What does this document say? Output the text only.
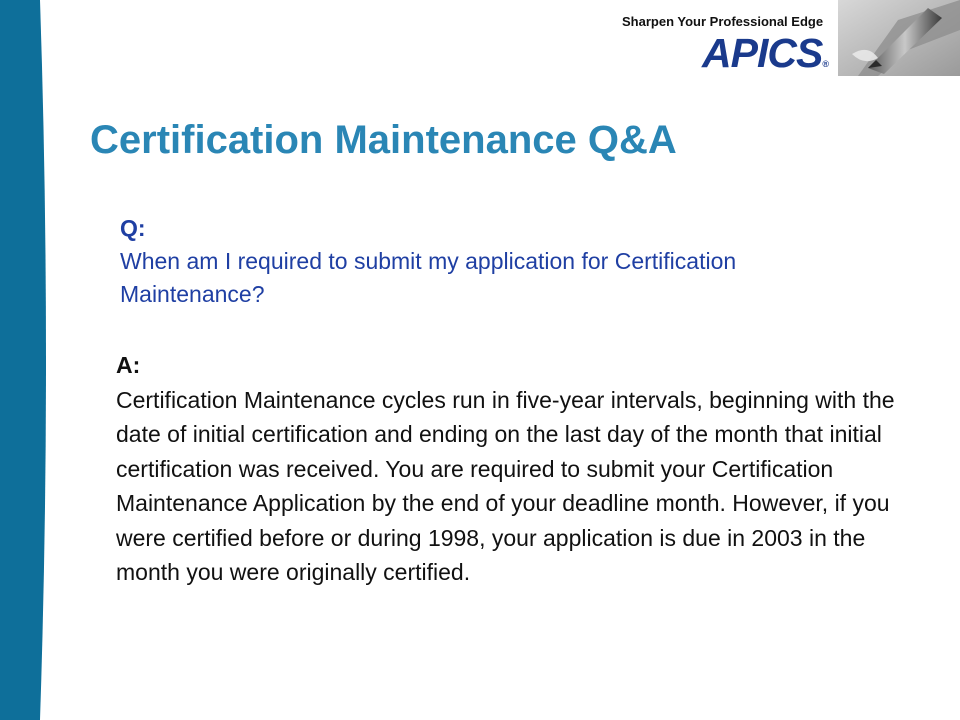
Sharpen Your Professional Edge
APICS®
Certification Maintenance Q&A
Q:
When am I required to submit my application for Certification Maintenance?
A:
Certification Maintenance cycles run in five-year intervals, beginning with the date of initial certification and ending on the last day of the month that initial certification was received. You are required to submit your Certification Maintenance Application by the end of your deadline month. However, if you were certified before or during 1998, your application is due in 2003 in the month you were originally certified.
